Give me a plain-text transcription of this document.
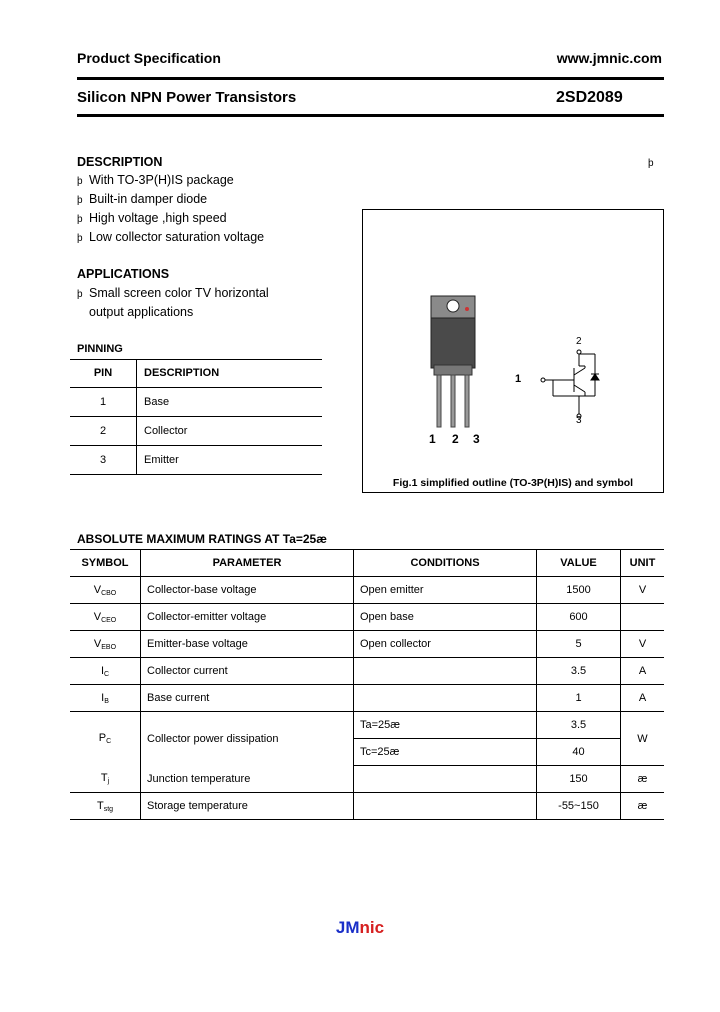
Product Specification	www.jmnic.com
Silicon NPN Power Transistors	2SD2089
þ
DESCRIPTION
þ With TO-3P(H)IS package
þ Built-in damper diode
þ High voltage ,high speed
þ Low collector saturation voltage
APPLICATIONS
þ Small screen color TV horizontal
output applications
PINNING
PIN	DESCRIPTION
1	Base
2	Collector
3	Emitter
1 2 3
1
2
3
Fig.1 simplified outline (TO-3P(H)IS) and symbol
ABSOLUTE MAXIMUM RATINGS AT Ta=25æ
SYMBOL	PARAMETER	CONDITIONS	VALUE	UNIT
$V_{CBO}$	Collector-base voltage	Open emitter	1500	V
$V_{CEO}$	Collector-emitter voltage	Open base	600	
$V_{EBO}$	Emitter-base voltage	Open collector	5	V
$I_C$	Collector current		3.5	A
$I_B$	Base current		1	A
$P_C$	Collector power dissipation	Ta=25æ	3.5	W
		Tc=25æ	40	
$T_j$	Junction temperature		150	æ
$T_{stg}$	Storage temperature		-55~150	æ
JMnic
